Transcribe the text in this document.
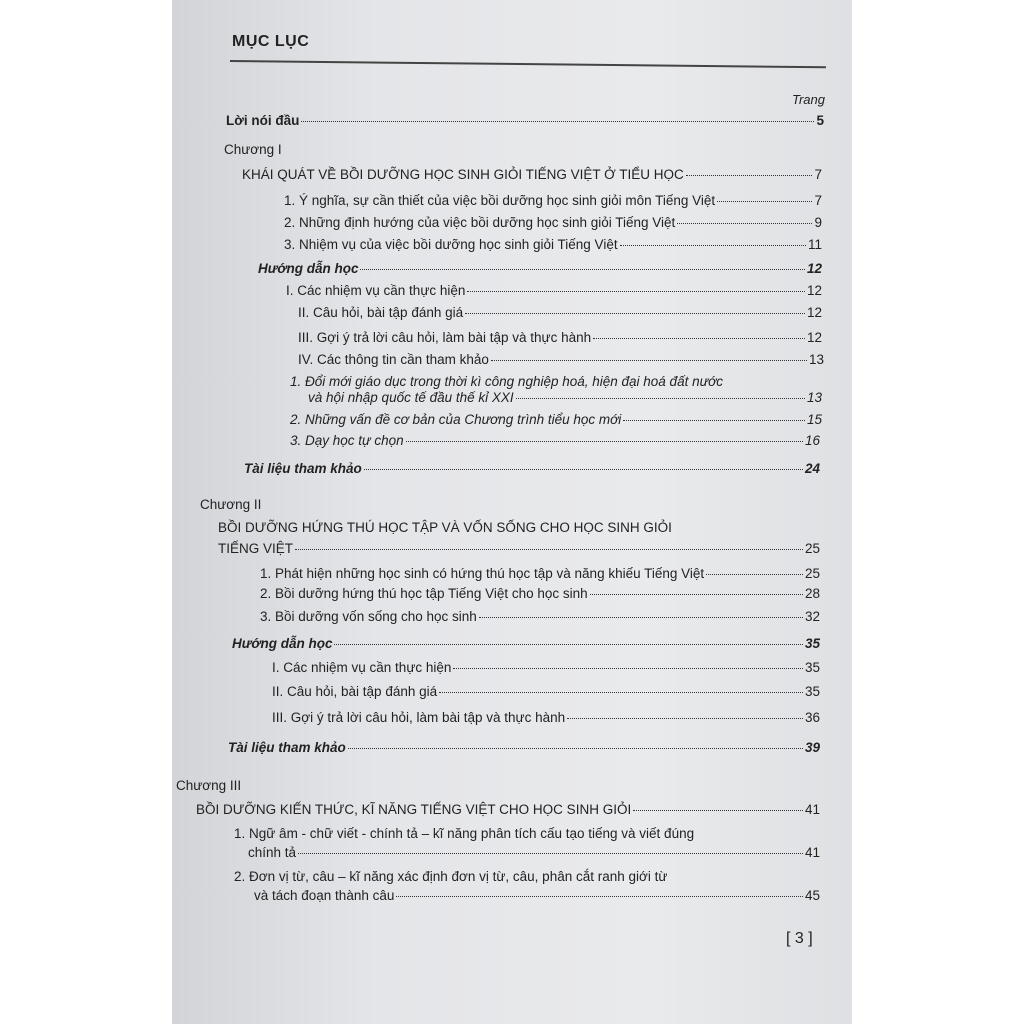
MỤC LỤC
Trang
Lời nói đầu	5
Chương I
KHÁI QUÁT VỀ BỒI DƯỠNG HỌC SINH GIỎI TIẾNG VIỆT Ở TIỂU HỌC	7
1. Ý nghĩa, sự cần thiết của việc bồi dưỡng học sinh giỏi môn Tiếng Việt	7
2. Những định hướng của việc bồi dưỡng học sinh giỏi Tiếng Việt	9
3. Nhiệm vụ của việc bồi dưỡng học sinh giỏi Tiếng Việt	11
Hướng dẫn học	12
I. Các nhiệm vụ cần thực hiện	12
II. Câu hỏi, bài tập đánh giá	12
III. Gợi ý trả lời câu hỏi, làm bài tập và thực hành	12
IV. Các thông tin cần tham khảo	13
1. Đổi mới giáo dục trong thời kì công nghiệp hoá, hiện đại hoá đất nước
và hội nhập quốc tế đầu thế kỉ XXI	13
2. Những vấn đề cơ bản của Chương trình tiểu học mới	15
3. Dạy học tự chọn	16
Tài liệu tham khảo	24
Chương II
BỒI DƯỠNG HỨNG THÚ HỌC TẬP VÀ VỐN SỐNG CHO HỌC SINH GIỎI
TIẾNG VIỆT	25
1. Phát hiện những học sinh có hứng thú học tập và năng khiếu Tiếng Việt	25
2. Bồi dưỡng hứng thú học tập Tiếng Việt cho học sinh	28
3. Bồi dưỡng vốn sống cho học sinh	32
Hướng dẫn học	35
I. Các nhiệm vụ cần thực hiện	35
II. Câu hỏi, bài tập đánh giá	35
III. Gợi ý trả lời câu hỏi, làm bài tập và thực hành	36
Tài liệu tham khảo	39
Chương III
BỒI DƯỠNG KIẾN THỨC, KĨ NĂNG TIẾNG VIỆT CHO HỌC SINH GIỎI	41
1. Ngữ âm - chữ viết - chính tả – kĩ năng phân tích cấu tạo tiếng và viết đúng
chính tả	41
2. Đơn vị từ, câu – kĩ năng xác định đơn vị từ, câu, phân cắt ranh giới từ
và tách đoạn thành câu	45
[ 3 ]
